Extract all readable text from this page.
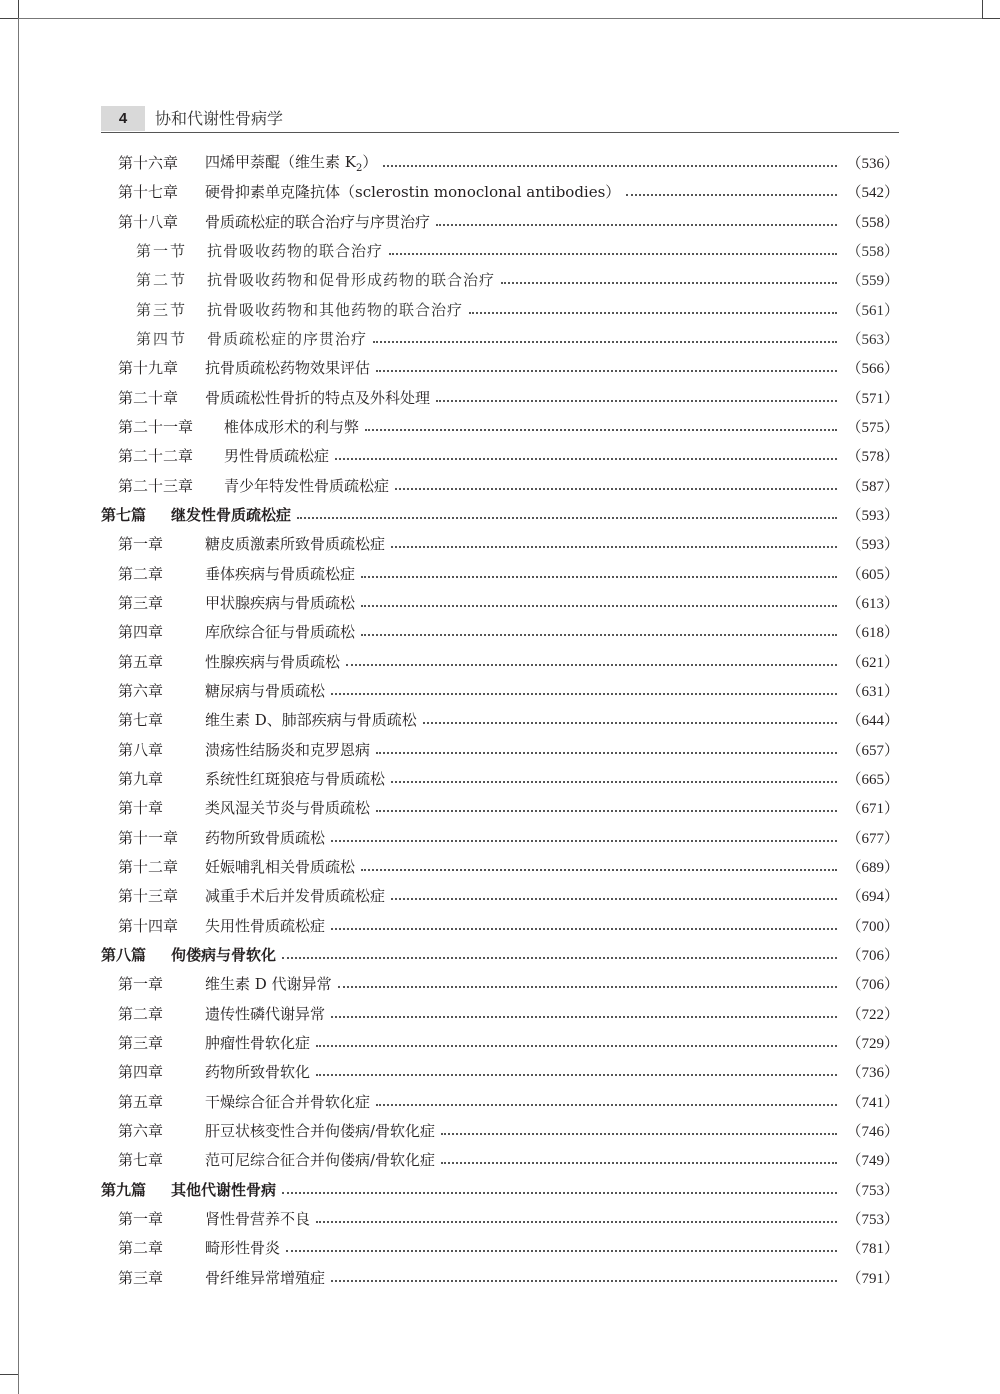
4	协和代谢性骨病学
第十六章	四烯甲萘醌（维生素 $K_2$）	（536）
第十七章	硬骨抑素单克隆抗体（sclerostin monoclonal antibodies）	（542）
第十八章	骨质疏松症的联合治疗与序贯治疗	（558）
第一节	抗骨吸收药物的联合治疗	（558）
第二节	抗骨吸收药物和促骨形成药物的联合治疗	（559）
第三节	抗骨吸收药物和其他药物的联合治疗	（561）
第四节	骨质疏松症的序贯治疗	（563）
第十九章	抗骨质疏松药物效果评估	（566）
第二十章	骨质疏松性骨折的特点及外科处理	（571）
第二十一章	椎体成形术的利与弊	（575）
第二十二章	男性骨质疏松症	（578）
第二十三章	青少年特发性骨质疏松症	（587）
第七篇	继发性骨质疏松症	（593）
第一章	糖皮质激素所致骨质疏松症	（593）
第二章	垂体疾病与骨质疏松症	（605）
第三章	甲状腺疾病与骨质疏松	（613）
第四章	库欣综合征与骨质疏松	（618）
第五章	性腺疾病与骨质疏松	（621）
第六章	糖尿病与骨质疏松	（631）
第七章	维生素 D、肺部疾病与骨质疏松	（644）
第八章	溃疡性结肠炎和克罗恩病	（657）
第九章	系统性红斑狼疮与骨质疏松	（665）
第十章	类风湿关节炎与骨质疏松	（671）
第十一章	药物所致骨质疏松	（677）
第十二章	妊娠哺乳相关骨质疏松	（689）
第十三章	减重手术后并发骨质疏松症	（694）
第十四章	失用性骨质疏松症	（700）
第八篇	佝偻病与骨软化	（706）
第一章	维生素 D 代谢异常	（706）
第二章	遗传性磷代谢异常	（722）
第三章	肿瘤性骨软化症	（729）
第四章	药物所致骨软化	（736）
第五章	干燥综合征合并骨软化症	（741）
第六章	肝豆状核变性合并佝偻病/骨软化症	（746）
第七章	范可尼综合征合并佝偻病/骨软化症	（749）
第九篇	其他代谢性骨病	（753）
第一章	肾性骨营养不良	（753）
第二章	畸形性骨炎	（781）
第三章	骨纤维异常增殖症	（791）
